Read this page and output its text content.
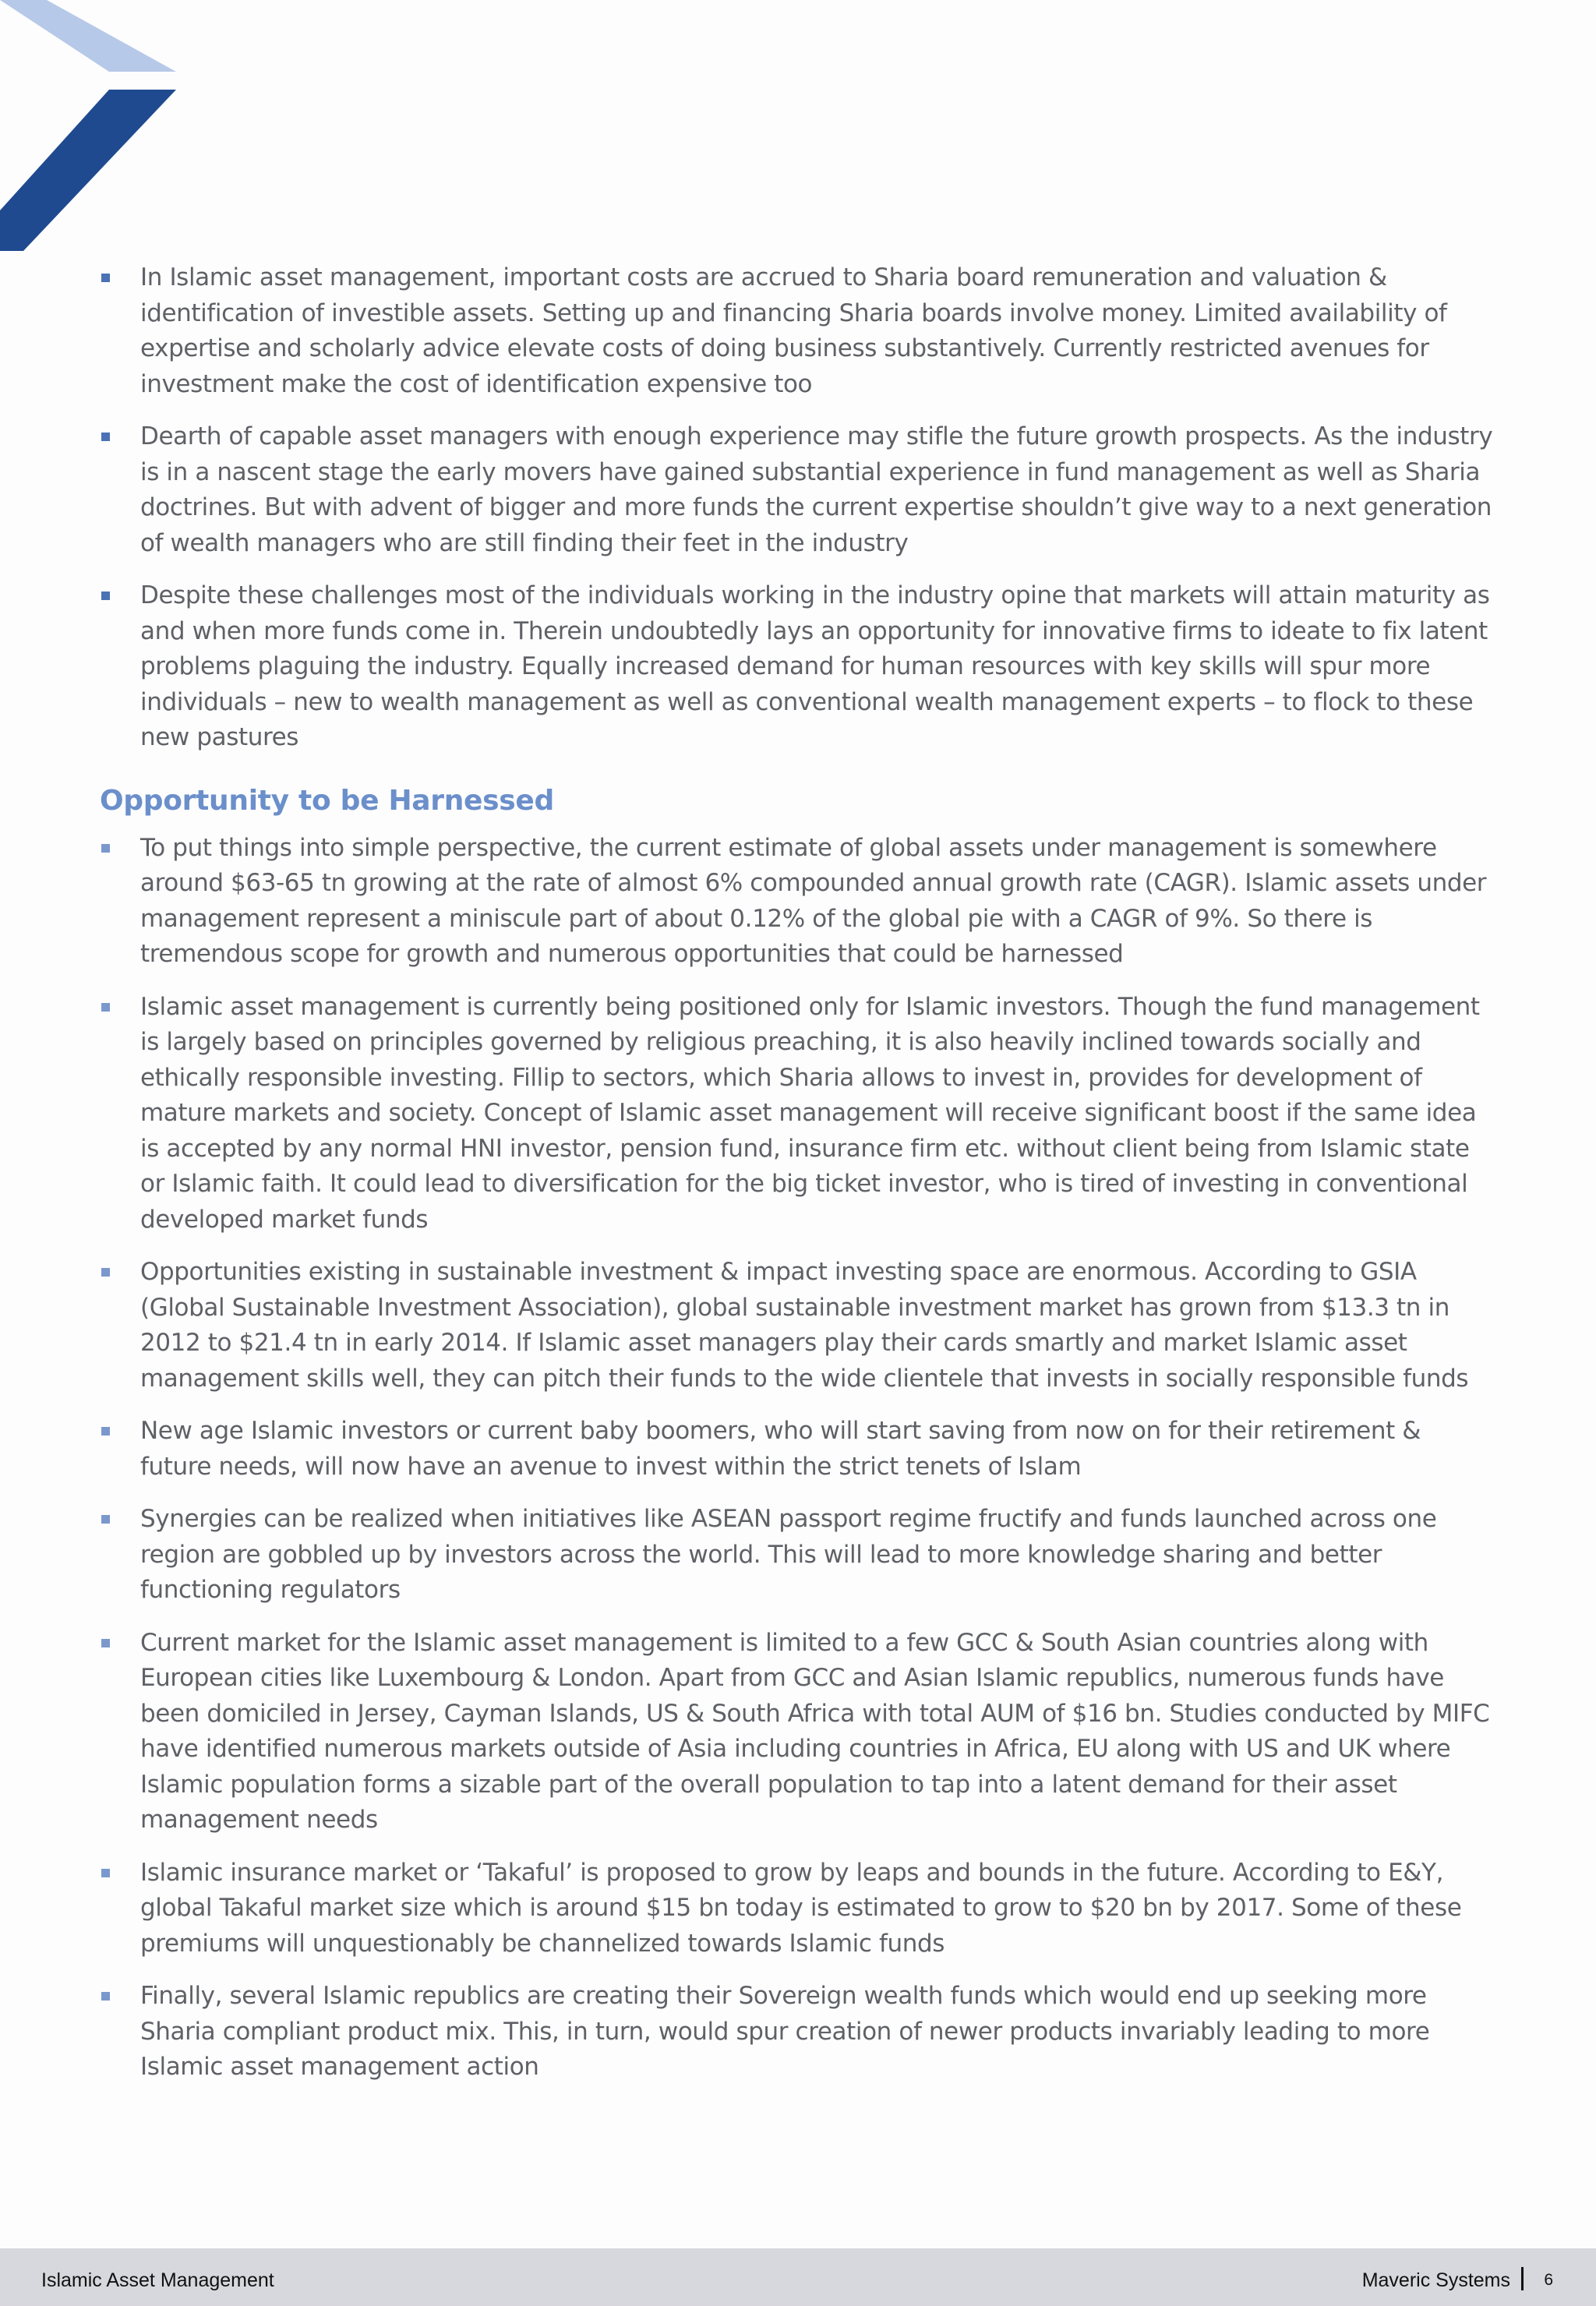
In Islamic asset management, important costs are accrued to Sharia board remuneration and valuation & identification of investible assets. Setting up and financing Sharia boards involve money. Limited availability of expertise and scholarly advice elevate costs of doing business substantively. Currently restricted avenues for investment make the cost of identification expensive too
Dearth of capable asset managers with enough experience may stifle the future growth prospects. As the industry is in a nascent stage the early movers have gained substantial experience in fund management as well as Sharia doctrines. But with advent of bigger and more funds the current expertise shouldn’t give way to a next generation of wealth managers who are still finding their feet in the industry
Despite these challenges most of the individuals working in the industry opine that markets will attain maturity as and when more funds come in. Therein undoubtedly lays an opportunity for innovative firms to ideate to fix latent problems plaguing the industry. Equally increased demand for human resources with key skills will spur more individuals – new to wealth management as well as conventional wealth management experts – to flock to these new pastures
Opportunity to be Harnessed
To put things into simple perspective, the current estimate of global assets under management is somewhere around $63-65 tn growing at the rate of almost 6% compounded annual growth rate (CAGR). Islamic assets under management represent a miniscule part of about 0.12% of the global pie with a CAGR of 9%. So there is tremendous scope for growth and numerous opportunities that could be harnessed
Islamic asset management is currently being positioned only for Islamic investors. Though the fund management is largely based on principles governed by religious preaching, it is also heavily inclined towards socially and ethically responsible investing. Fillip to sectors, which Sharia allows to invest in, provides for development of mature markets and society. Concept of Islamic asset management will receive significant boost if the same idea is accepted by any normal HNI investor, pension fund, insurance firm etc. without client being from Islamic state or Islamic faith. It could lead to diversification for the big ticket investor, who is tired of investing in conventional developed market funds
Opportunities existing in sustainable investment & impact investing space are enormous. According to GSIA (Global Sustainable Investment Association), global sustainable investment market has grown from $13.3 tn in 2012 to $21.4 tn in early 2014. If Islamic asset managers play their cards smartly and market Islamic asset management skills well, they can pitch their funds to the wide clientele that invests in socially responsible funds
New age Islamic investors or current baby boomers, who will start saving from now on for their retirement & future needs, will now have an avenue to invest within the strict tenets of Islam
Synergies can be realized when initiatives like ASEAN passport regime fructify and funds launched across one region are gobbled up by investors across the world. This will lead to more knowledge sharing and better functioning regulators
Current market for the Islamic asset management is limited to a few GCC & South Asian countries along with European cities like Luxembourg & London. Apart from GCC and Asian Islamic republics, numerous funds have been domiciled in Jersey, Cayman Islands, US & South Africa with total AUM of $16 bn. Studies conducted by MIFC have identified numerous markets outside of Asia including countries in Africa, EU along with US and UK where Islamic population forms a sizable part of the overall population to tap into a latent demand for their asset management needs
Islamic insurance market or ‘Takaful’ is proposed to grow by leaps and bounds in the future. According to E&Y, global Takaful market size which is around $15 bn today is estimated to grow to $20 bn by 2017. Some of these premiums will unquestionably be channelized towards Islamic funds
Finally, several Islamic republics are creating their Sovereign wealth funds which would end up seeking more Sharia compliant product mix. This, in turn, would spur creation of newer products invariably leading to more Islamic asset management action
Islamic Asset Management	Maveric Systems 6
